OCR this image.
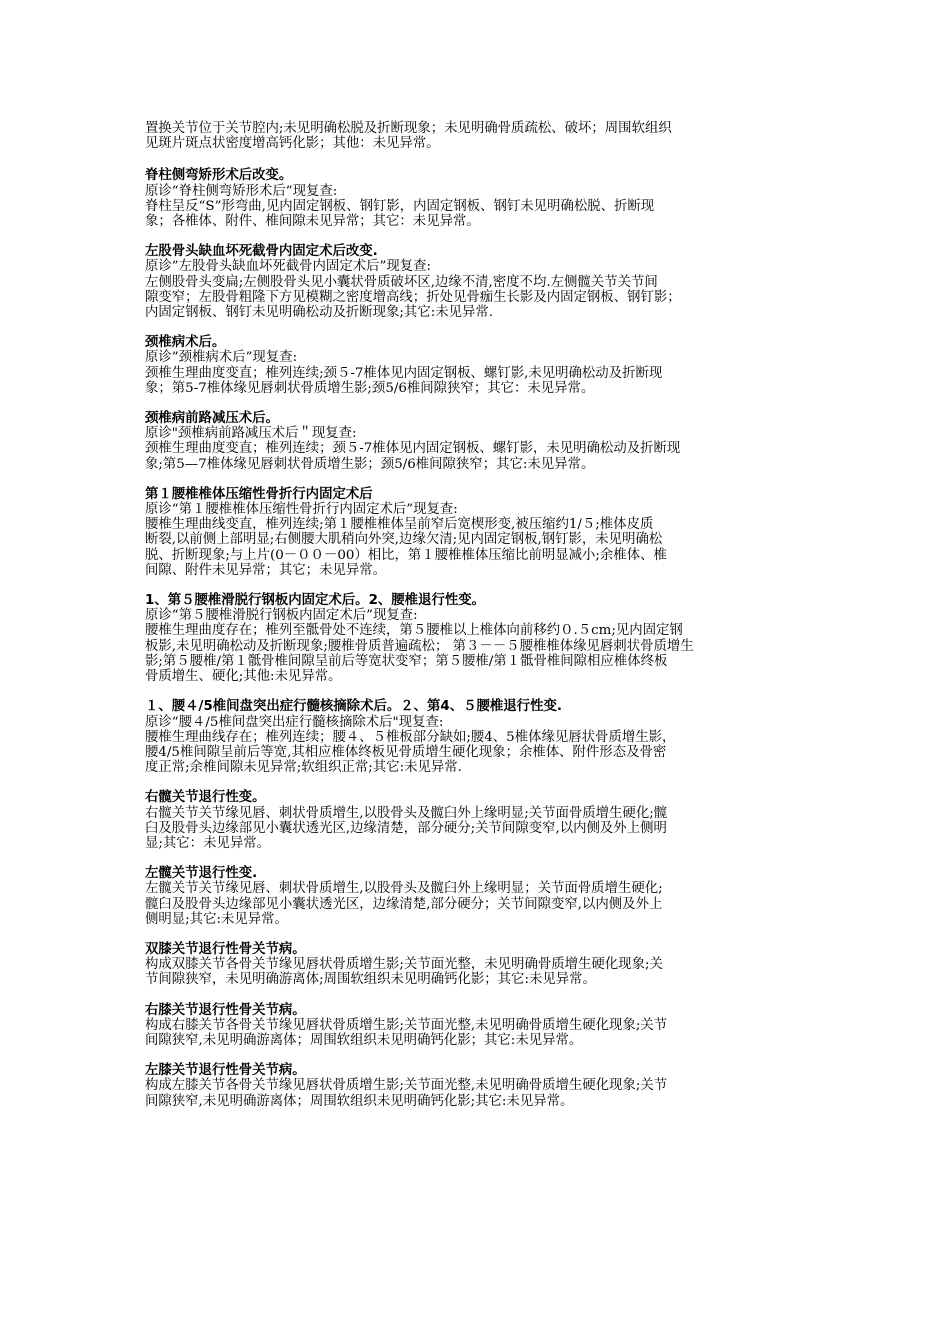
置换关节位于关节腔内;未见明确松脱及折断现象；未见明确骨质疏松、破坏；周围软组织

见斑片斑点状密度增高钙化影；其他：未见异常。

脊柱侧弯矫形术后改变。

原诊“脊柱侧弯矫形术后”现复查:

脊柱呈反“S”形弯曲,见内固定钢板、钢钉影，内固定钢板、钢钉未见明确松脱、折断现

象；各椎体、附件、椎间隙未见异常；其它：未见异常。

左股骨头缺血坏死截骨内固定术后改变.

原诊”左股骨头缺血坏死截骨内固定术后”现复查:

左侧股骨头变扁;左侧股骨头见小囊状骨质破坏区,边缘不清,密度不均.左侧髋关节关节间

隙变窄；左股骨粗隆下方见模糊之密度增高线；折处见骨痂生长影及内固定钢板、钢钉影；

内固定钢板、钢钉未见明确松动及折断现象;其它:未见异常.

颈椎病术后。

原诊”颈椎病术后”现复查:

颈椎生理曲度变直；椎列连续;颈５-7椎体见内固定钢板、螺钉影,未见明确松动及折断现

象；第5-7椎体缘见唇刺状骨质增生影;颈5/6椎间隙狭窄；其它：未见异常。

颈椎病前路减压术后。

原诊"颈椎病前路减压术后＂现复查:

颈椎生理曲度变直；椎列连续；颈５-7椎体见内固定钢板、螺钉影，未见明确松动及折断现

象;第5—7椎体缘见唇刺状骨质增生影；颈5/6椎间隙狭窄；其它:未见异常。

第１腰椎椎体压缩性骨折行内固定术后

原诊“第１腰椎椎体压缩性骨折行内固定术后”现复查:

腰椎生理曲线变直，椎列连续;第１腰椎椎体呈前窄后宽楔形变,被压缩约1/５;椎体皮质

断裂,以前侧上部明显;右侧腰大肌稍向外突,边缘欠清;见内固定钢板,钢钉影，未见明确松

脱、折断现象;与上片(0－００－00）相比，第１腰椎椎体压缩比前明显减小;余椎体、椎

间隙、附件未见异常；其它；未见异常。

1、第５腰椎滑脱行钢板内固定术后。2、腰椎退行性变。

原诊“第５腰椎滑脱行钢板内固定术后”现复查:

腰椎生理曲度存在；椎列至骶骨处不连续，第５腰椎以上椎体向前移约０.５cm;见内固定钢

板影,未见明确松动及折断现象;腰椎骨质普遍疏松； 第３－－５腰椎椎体缘见唇刺状骨质增生

影;第５腰椎/第１骶骨椎间隙呈前后等宽状变窄；第５腰椎/第１骶骨椎间隙相应椎体终板

骨质增生、硬化;其他:未见异常。

１、腰４/5椎间盘突出症行髓核摘除术后。２、第4、５腰椎退行性变.

原诊“腰４/5椎间盘突出症行髓核摘除术后"现复查:

腰椎生理曲线存在；椎列连续；腰４、５椎板部分缺如;腰4、5椎体缘见唇状骨质增生影，

腰4/5椎间隙呈前后等宽,其相应椎体终板见骨质增生硬化现象；余椎体、附件形态及骨密

度正常;余椎间隙未见异常;软组织正常;其它:未见异常.

右髋关节退行性变。

右髋关节关节缘见唇、刺状骨质增生,以股骨头及髋臼外上缘明显;关节面骨质增生硬化;髋

臼及股骨头边缘部见小囊状透光区,边缘清楚，部分硬分;关节间隙变窄,以内侧及外上侧明

显;其它：未见异常。

左髋关节退行性变.

左髋关节关节缘见唇、刺状骨质增生,以股骨头及髋臼外上缘明显；关节面骨质增生硬化;

髋臼及股骨头边缘部见小囊状透光区，边缘清楚,部分硬分；关节间隙变窄,以内侧及外上

侧明显;其它:未见异常。

双膝关节退行性骨关节病。

构成双膝关节各骨关节缘见唇状骨质增生影;关节面光整，未见明确骨质增生硬化现象;关

节间隙狭窄，未见明确游离体;周围软组织未见明确钙化影；其它:未见异常。

右膝关节退行性骨关节病。

构成右膝关节各骨关节缘见唇状骨质增生影;关节面光整,未见明确骨质增生硬化现象;关节

间隙狭窄,未见明确游离体；周围软组织未见明确钙化影；其它:未见异常。

左膝关节退行性骨关节病。

构成左膝关节各骨关节缘见唇状骨质增生影;关节面光整,未见明确骨质增生硬化现象;关节

间隙狭窄,未见明确游离体；周围软组织未见明确钙化影;其它:未见异常。
